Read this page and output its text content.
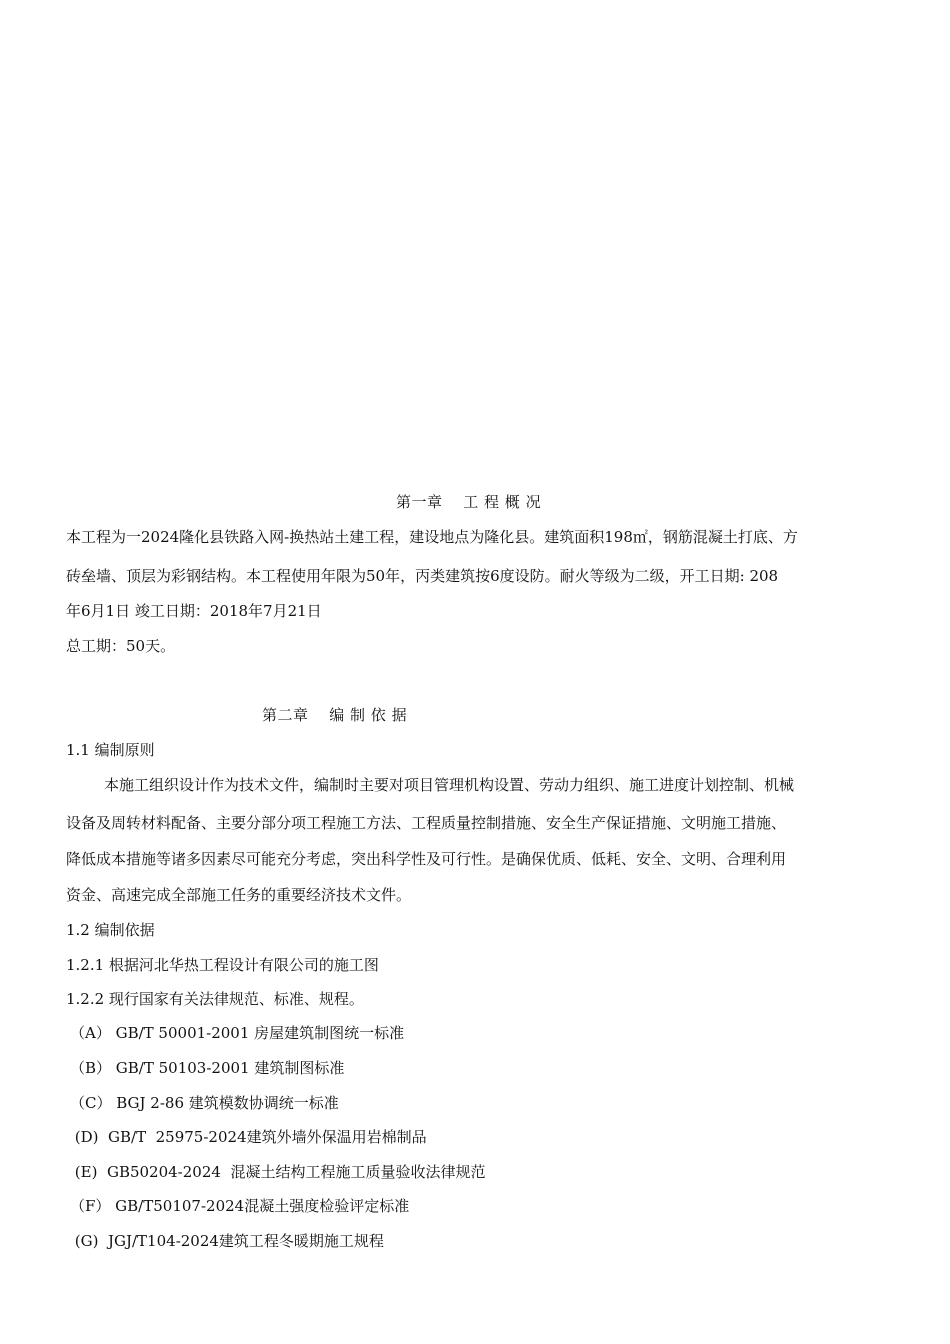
第一章　 工 程 概 况
本工程为一2024隆化县铁路入网-换热站土建工程，建设地点为隆化县。建筑面积198㎡，钢筋混凝土打底、方
砖垒墙、顶层为彩钢结构。本工程使用年限为50年，丙类建筑按6度设防。耐火等级为二级，开工日期: 208
年6月1日 竣工日期：2018年7月21日
总工期：50天。
第二章　 编 制 依 据
1.1 编制原则
本施工组织设计作为技术文件，编制时主要对项目管理机构设置、劳动力组织、施工进度计划控制、机械
设备及周转材料配备、主要分部分项工程施工方法、工程质量控制措施、安全生产保证措施、文明施工措施、
降低成本措施等诸多因素尽可能充分考虑，突出科学性及可行性。是确保优质、低耗、安全、文明、合理利用
资金、高速完成全部施工任务的重要经济技术文件。
1.2 编制依据
1.2.1 根据河北华热工程设计有限公司的施工图
1.2.2 现行国家有关法律规范、标准、规程。
（A） GB/T 50001-2001 房屋建筑制图统一标准
（B） GB/T 50103-2001 建筑制图标准
（C） BGJ 2-86 建筑模数协调统一标准
(D)  GB/T  25975-2024建筑外墙外保温用岩棉制品
(E)  GB50204-2024  混凝土结构工程施工质量验收法律规范
（F） GB/T50107-2024混凝土强度检验评定标准
(G)  JGJ/T104-2024建筑工程冬暖期施工规程
